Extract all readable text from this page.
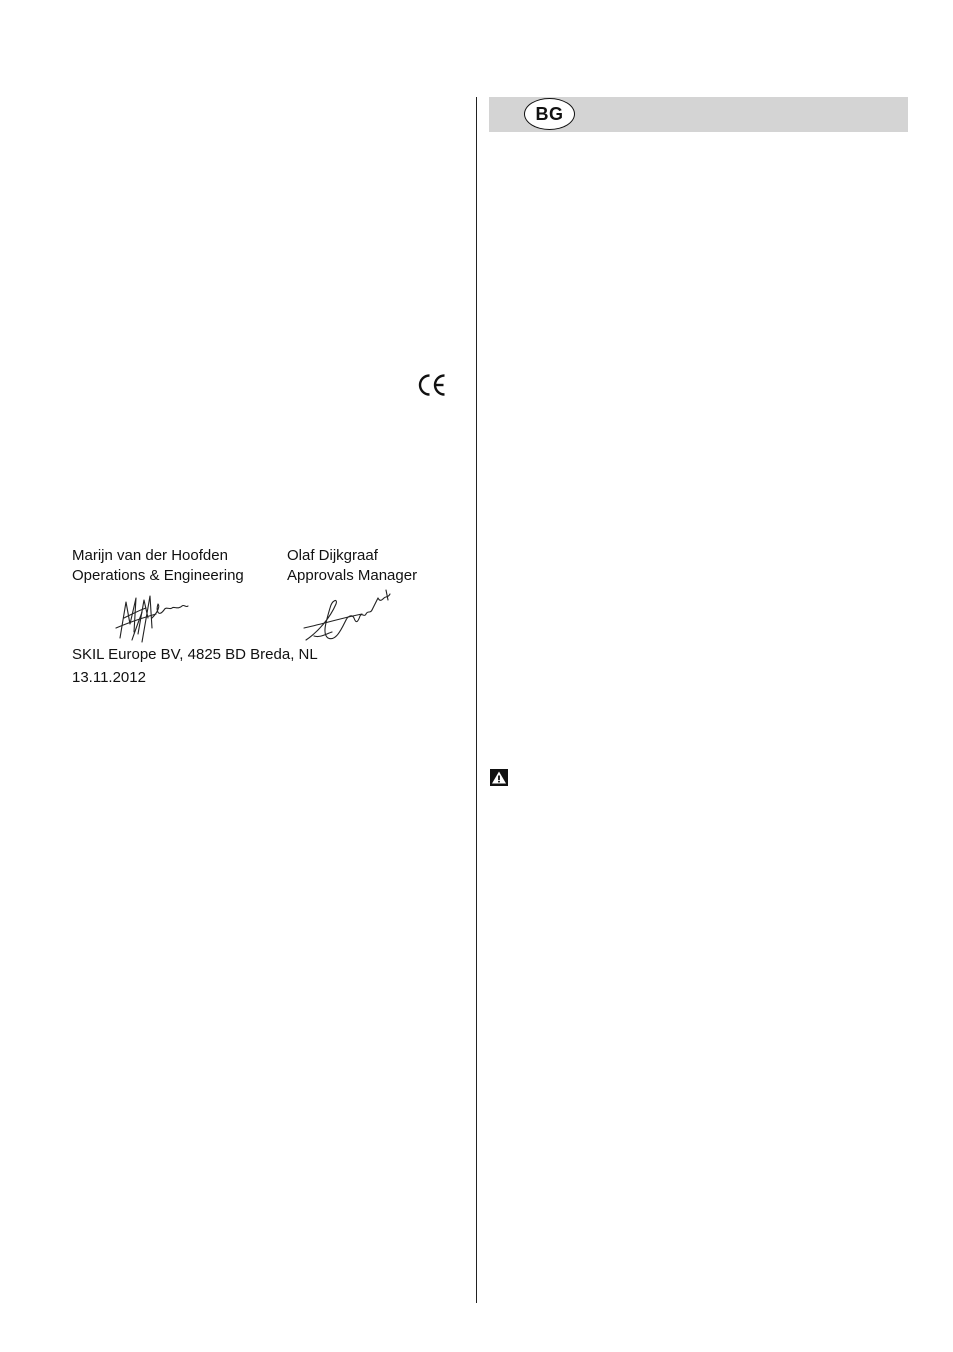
Marijn van der Hoofden
Operations & Engineering
Olaf Dijkgraaf
Approvals Manager
SKIL Europe BV, 4825 BD Breda, NL
13.11.2012
BG
